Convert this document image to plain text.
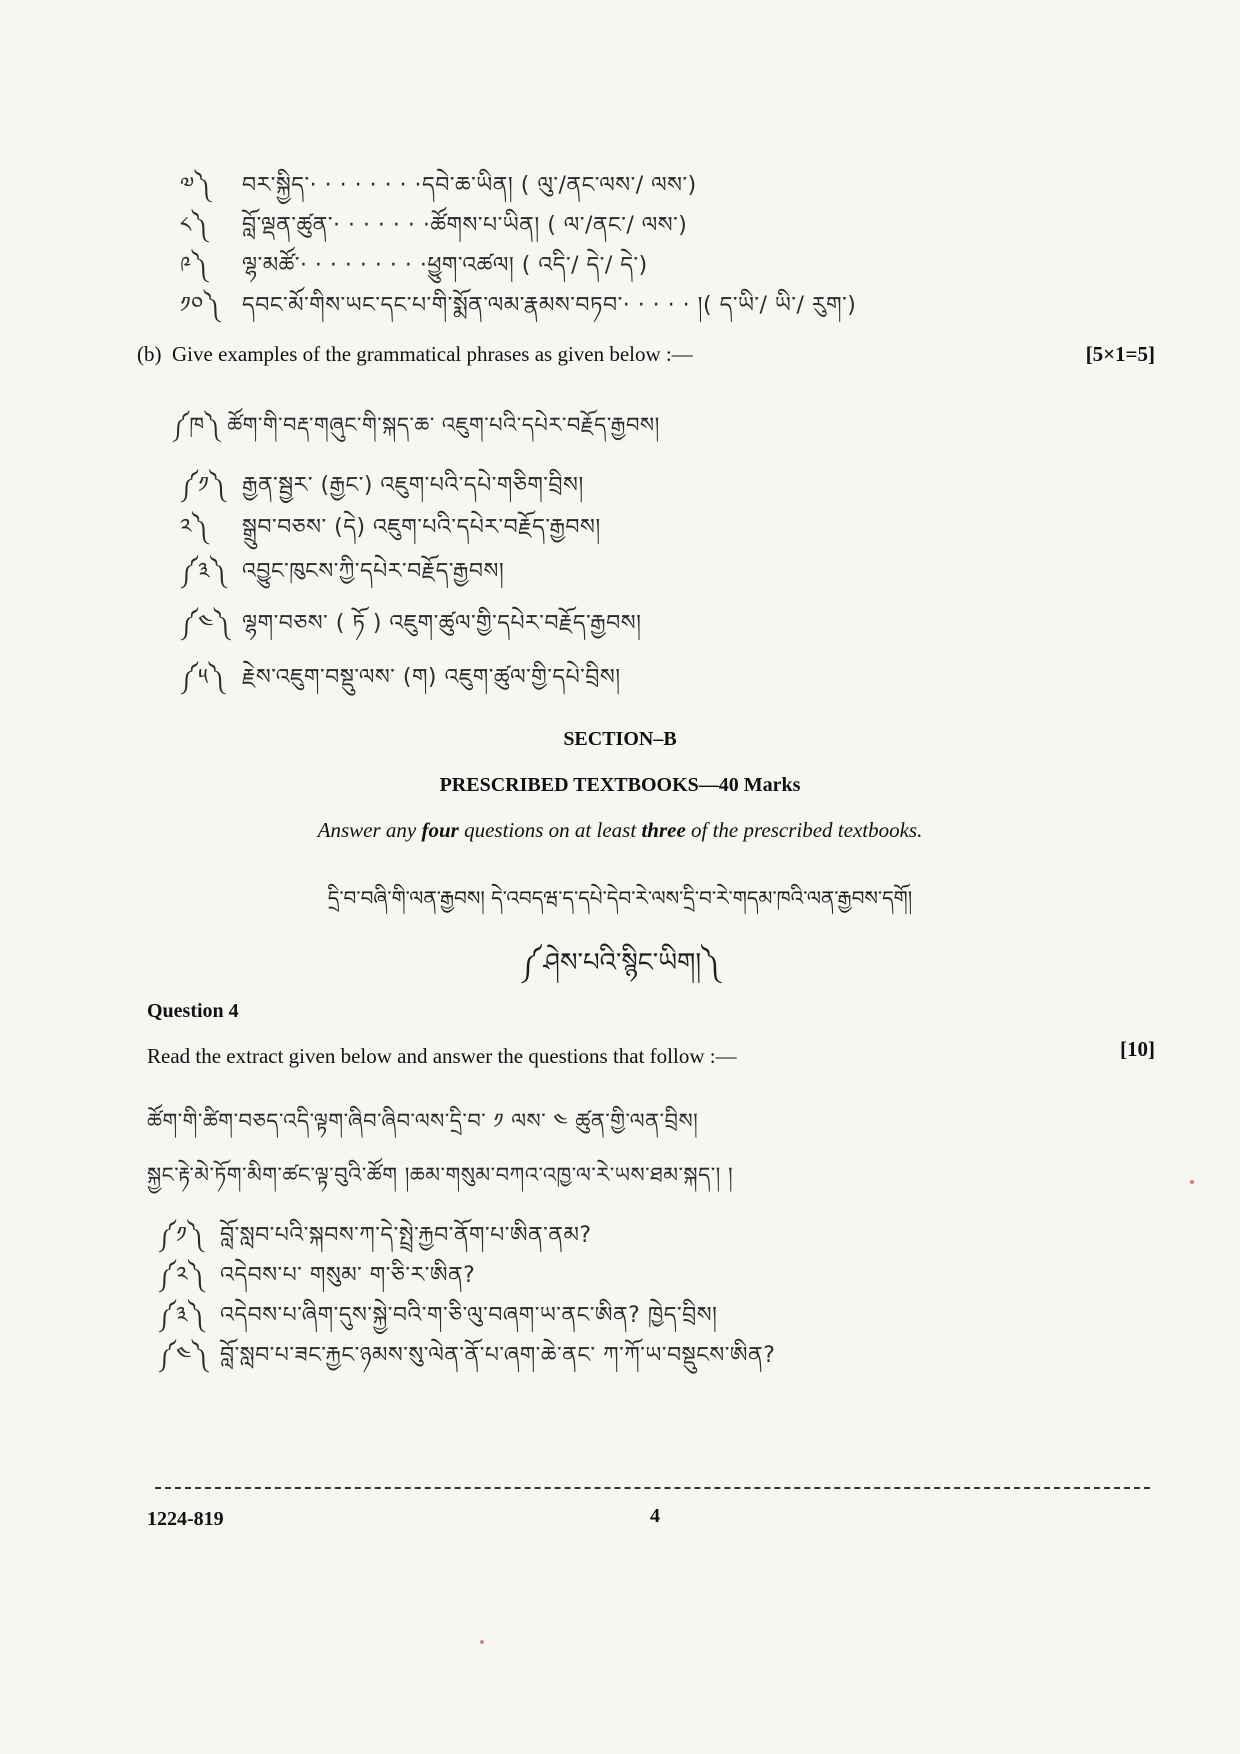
༧༽ བར་སྐྱིད་· · · · · · · ·དབེ་ཆ་ཡིན། ( ལུ་/ནང་ལས་/ ལས་)
༨༽ བློ་ལྡན་ཚུན་· · · · · · ·ཚོགས་པ་ཡིན། ( ལ་/ནང་/ ལས་)
༩༽ ལྷ་མཚོ་· · · · · · · · ·ཕྱུག་འཚལ། ( འདི་/ དེ་/ དེ་)
༡༠༽ དབང་མོ་གིས་ཡང་དང་པ་གི་སྨོན་ལམ་རྣམས་བཏབ་· · · · · །( ད་ཡི་/ ཡི་/ རུག་)
(b) Give examples of the grammatical phrases as given below :—	[5×1=5]
༼ཁ༽ ཚོག་གི་བརྡ་གཞུང་གི་སྐད་ཆ་ འཇུག་པའི་དཔེར་བརྗོད་རྒྱབས།
༼༡༽ རྒྱན་སྦྱར་ (རྒྱང་) འཇུག་པའི་དཔེ་གཅིག་བྲིས།
༢༽ སྒྲུབ་བཅས་ (དེ) འཇུག་པའི་དཔེར་བརྗོད་རྒྱབས།
༼༣༽ འབྱུང་ཁུངས་ཀྱི་དཔེར་བརྗོད་རྒྱབས།
༼༤༽ ལྷག་བཅས་ ( ཏོ ) འཇུག་ཚུལ་གྱི་དཔེར་བརྗོད་རྒྱབས།
༼༥༽ རྗེས་འཇུག་བསྡུ་ལས་ (ག) འཇུག་ཚུལ་གྱི་དཔེ་བྲིས།
SECTION–B
PRESCRIBED TEXTBOOKS—40 Marks
Answer any four questions on at least three of the prescribed textbooks.
དྲི་བ་བཞི་གི་ལན་རྒྱབས། དེ་འབདཝ་ད་དཔེ་དེབ་རེ་ལས་དྲི་བ་རེ་གདམ་ཁའི་ལན་རྒྱབས་དགོ།
༼ཤེས་པའི་སྙིང་ཡིག།༽
Question 4
Read the extract given below and answer the questions that follow :—	[10]
ཚོག་གི་ཚིག་བཅད་འདི་ལྟག་ཞིབ་ཞིབ་ལས་དྲི་བ་ ༡ ལས་ ༤ ཚུན་གྱི་ལན་བྲིས།
སྐྱང་རྟེ་མེ་ཏོག་མིག་ཚང་ལྟ་བུའི་ཚོག །ཆམ་གསུམ་བཀའ་འཁྱ་ལ་རེ་ཡས་ཐམ་སྐད་། །
༼༡༽ བློ་སླབ་པའི་སྐབས་ཀ་དེ་སྤྲེ་རྐྱབ་ནོག་པ་ཨིན་ནམ?
༼༢༽ འདེབས་པ་ གསུམ་ ག་ཅི་ར་ཨིན?
༼༣༽ འདེབས་པ་ཞིག་དུས་སྐྱེ་བའི་ག་ཅི་ལུ་བཞག་ཡ་ནང་ཨིན? ཁྱེད་བྲིས།
༼༤༽ བློ་སླབ་པ་ཟང་རྐྱང་ཉམས་སུ་ལེན་ནོ་པ་ཞག་ཆེ་ནང་ ཀ་ཀོ་ཡ་བསྡུངས་ཨིན?
1224-819	4
